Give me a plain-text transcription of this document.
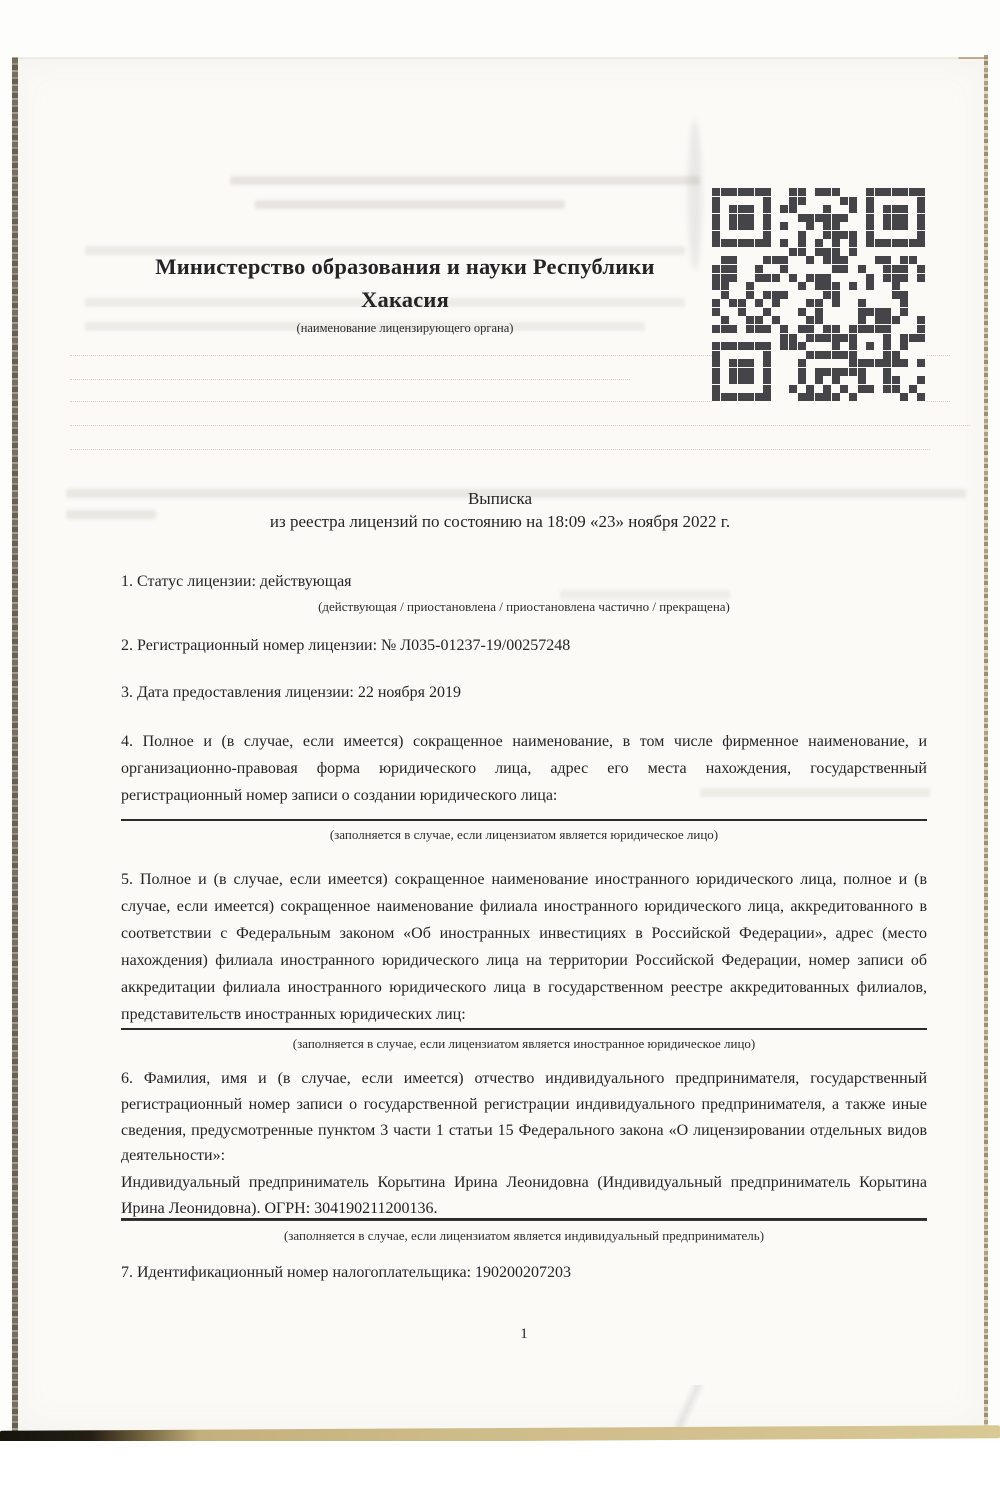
Министерство образования и науки Республики
Хакасия
(наименование лицензирующего органа)
Выписка
из реестра лицензий по состоянию на 18:09 «23» ноября 2022 г.
1. Статус лицензии: действующая
(действующая / приостановлена / приостановлена частично / прекращена)
2. Регистрационный номер лицензии: № Л035-01237-19/00257248
3. Дата предоставления лицензии: 22 ноября 2019
4. Полное и (в случае, если имеется) сокращенное наименование, в том числе фирменное наименование, и организационно-правовая форма юридического лица, адрес его места нахождения, государственный регистрационный номер записи о создании юридического лица:
(заполняется в случае, если лицензиатом является юридическое лицо)
5. Полное и (в случае, если имеется) сокращенное наименование иностранного юридического лица, полное и (в случае, если имеется) сокращенное наименование филиала иностранного юридического лица, аккредитованного в соответствии с Федеральным законом «Об иностранных инвестициях в Российской Федерации», адрес (место нахождения) филиала иностранного юридического лица на территории Российской Федерации, номер записи об аккредитации филиала иностранного юридического лица в государственном реестре аккредитованных филиалов, представительств иностранных юридических лиц:
(заполняется в случае, если лицензиатом является иностранное юридическое лицо)
6. Фамилия, имя и (в случае, если имеется) отчество индивидуального предпринимателя, государственный регистрационный номер записи о государственной регистрации индивидуального предпринимателя, а также иные сведения, предусмотренные пунктом 3 части 1 статьи 15 Федерального закона «О лицензировании отдельных видов деятельности»:
Индивидуальный предприниматель Корытина Ирина Леонидовна (Индивидуальный предприниматель Корытина Ирина Леонидовна). ОГРН: 304190211200136.
(заполняется в случае, если лицензиатом является индивидуальный предприниматель)
7. Идентификационный номер налогоплательщика: 190200207203
1
